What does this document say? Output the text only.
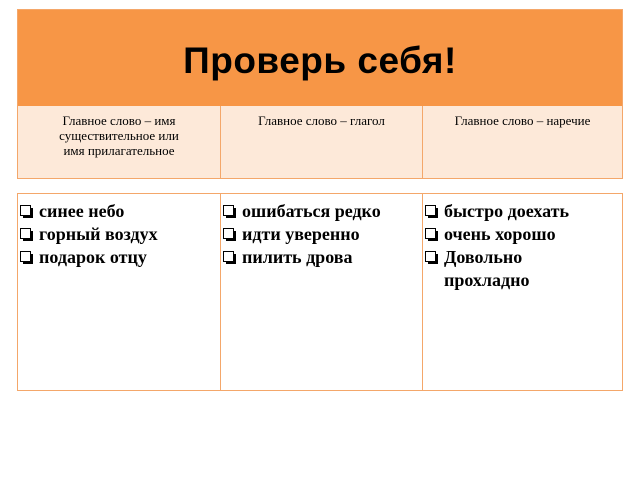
Проверь себя!
Главное слово – имя
существительное или
имя прилагательное
Главное слово – глагол	Главное слово – наречие
синее небо
горный воздух
подарок отцу
ошибаться редко
идти уверенно
пилить дрова
быстро доехать
очень хорошо
Довольно прохладно
